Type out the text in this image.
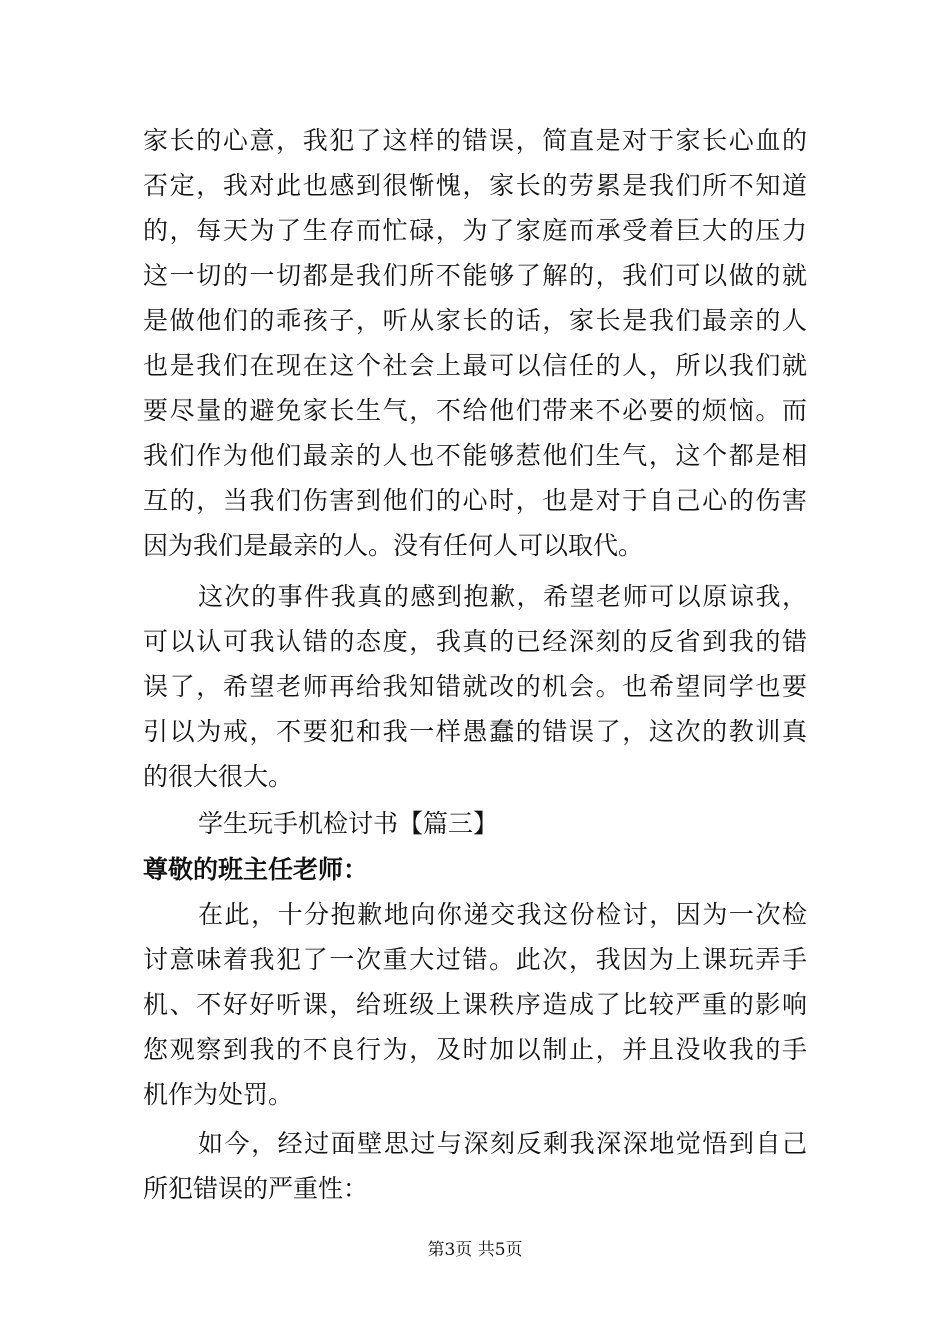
家长的心意，我犯了这样的错误，简直是对于家长心血的
否定，我对此也感到很惭愧，家长的劳累是我们所不知道
的，每天为了生存而忙碌，为了家庭而承受着巨大的压力
这一切的一切都是我们所不能够了解的，我们可以做的就
是做他们的乖孩子，听从家长的话，家长是我们最亲的人
也是我们在现在这个社会上最可以信任的人，所以我们就
要尽量的避免家长生气，不给他们带来不必要的烦恼。而
我们作为他们最亲的人也不能够惹他们生气，这个都是相
互的，当我们伤害到他们的心时，也是对于自己心的伤害
因为我们是最亲的人。没有任何人可以取代。
这次的事件我真的感到抱歉，希望老师可以原谅我，
可以认可我认错的态度，我真的已经深刻的反省到我的错
误了，希望老师再给我知错就改的机会。也希望同学也要
引以为戒，不要犯和我一样愚蠢的错误了，这次的教训真
的很大很大。
学生玩手机检讨书【篇三】
尊敬的班主任老师：
在此，十分抱歉地向你递交我这份检讨，因为一次检
讨意味着我犯了一次重大过错。此次，我因为上课玩弄手
机、不好好听课，给班级上课秩序造成了比较严重的影响
您观察到我的不良行为，及时加以制止，并且没收我的手
机作为处罚。
如今，经过面壁思过与深刻反剩我深深地觉悟到自己
所犯错误的严重性：
第3页 共5页
